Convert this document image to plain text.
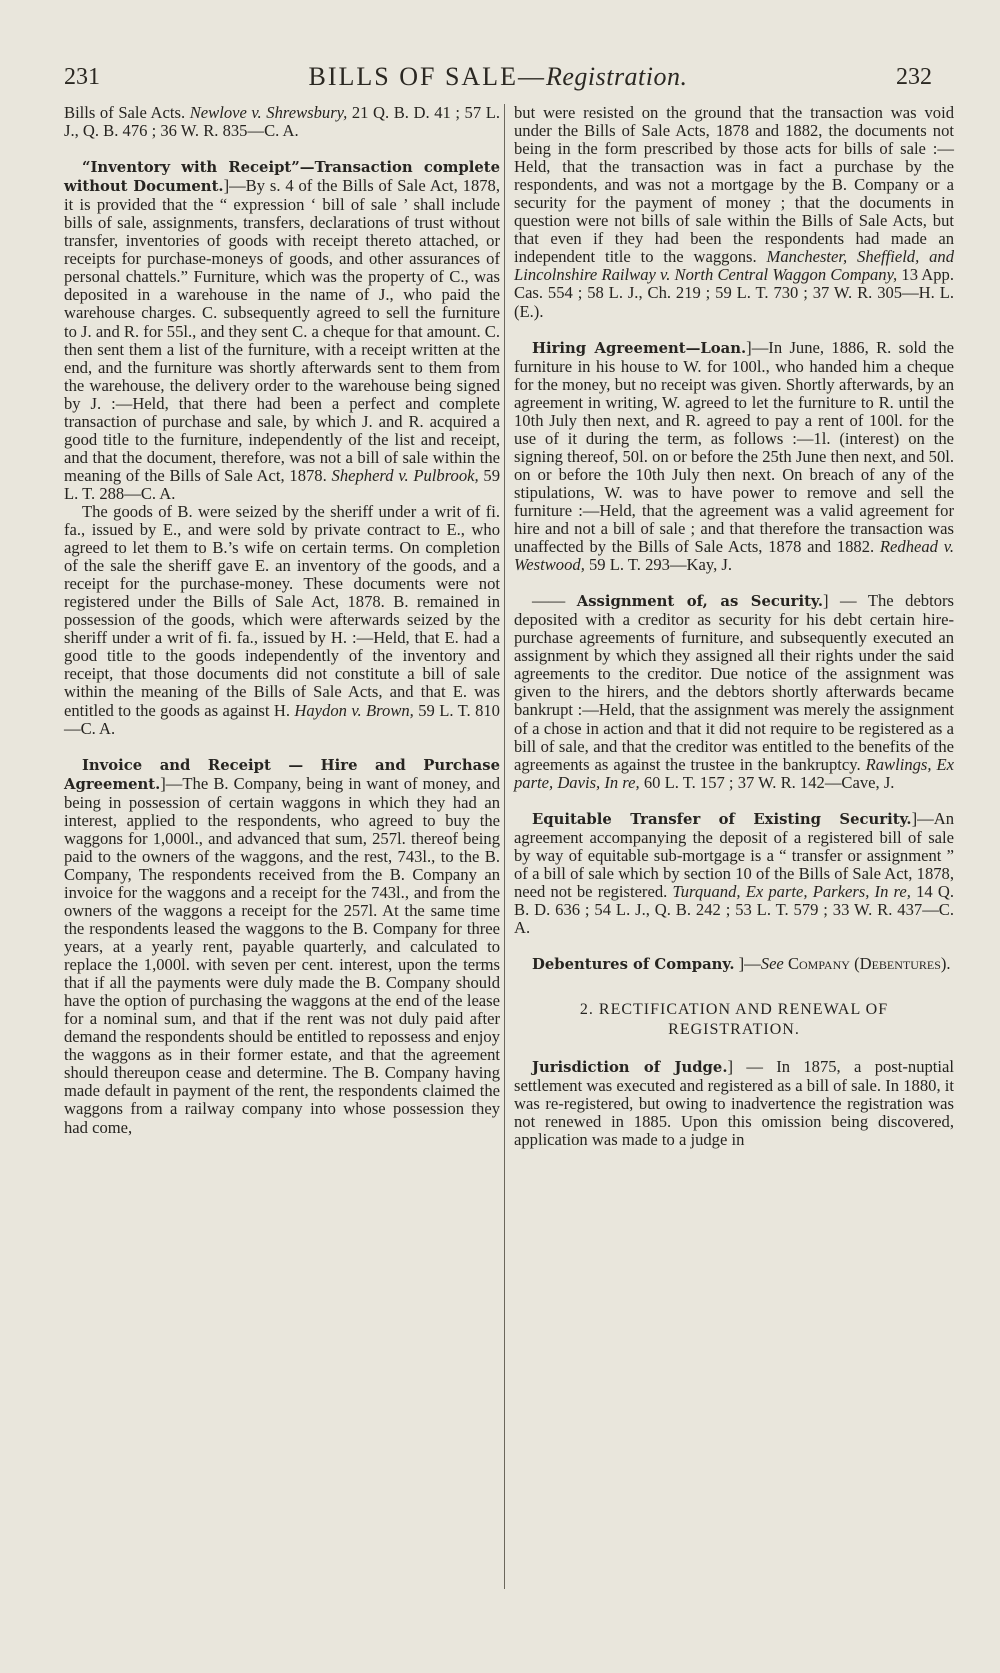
231	BILLS OF SALE—Registration.	232

Bills of Sale Acts. Newlove v. Shrewsbury, 21 Q. B. D. 41 ; 57 L. J., Q. B. 476 ; 36 W. R. 835—C. A.

“Inventory with Receipt”—Transaction complete without Document.]—By s. 4 of the Bills of Sale Act, 1878, it is provided that the “ expression ‘ bill of sale ’ shall include bills of sale, assignments, transfers, declarations of trust without transfer, inventories of goods with receipt thereto attached, or receipts for purchase-moneys of goods, and other assurances of personal chattels.” Furniture, which was the property of C., was deposited in a warehouse in the name of J., who paid the warehouse charges. C. subsequently agreed to sell the furniture to J. and R. for 55l., and they sent C. a cheque for that amount. C. then sent them a list of the furniture, with a receipt written at the end, and the furniture was shortly afterwards sent to them from the warehouse, the delivery order to the warehouse being signed by J. :—Held, that there had been a perfect and complete transaction of purchase and sale, by which J. and R. acquired a good title to the furniture, independently of the list and receipt, and that the document, therefore, was not a bill of sale within the meaning of the Bills of Sale Act, 1878. Shepherd v. Pulbrook, 59 L. T. 288—C. A.

The goods of B. were seized by the sheriff under a writ of fi. fa., issued by E., and were sold by private contract to E., who agreed to let them to B.’s wife on certain terms. On completion of the sale the sheriff gave E. an inventory of the goods, and a receipt for the purchase-money. These documents were not registered under the Bills of Sale Act, 1878. B. remained in possession of the goods, which were afterwards seized by the sheriff under a writ of fi. fa., issued by H. :—Held, that E. had a good title to the goods independently of the inventory and receipt, that those documents did not constitute a bill of sale within the meaning of the Bills of Sale Acts, and that E. was entitled to the goods as against H. Haydon v. Brown, 59 L. T. 810—C. A.

Invoice and Receipt — Hire and Purchase Agreement.]—The B. Company, being in want of money, and being in possession of certain waggons in which they had an interest, applied to the respondents, who agreed to buy the waggons for 1,000l., and advanced that sum, 257l. thereof being paid to the owners of the waggons, and the rest, 743l., to the B. Company, The respondents received from the B. Company an invoice for the waggons and a receipt for the 743l., and from the owners of the waggons a receipt for the 257l. At the same time the respondents leased the waggons to the B. Company for three years, at a yearly rent, payable quarterly, and calculated to replace the 1,000l. with seven per cent. interest, upon the terms that if all the payments were duly made the B. Company should have the option of purchasing the waggons at the end of the lease for a nominal sum, and that if the rent was not duly paid after demand the respondents should be entitled to repossess and enjoy the waggons as in their former estate, and that the agreement should thereupon cease and determine. The B. Company having made default in payment of the rent, the respondents claimed the waggons from a railway company into whose possession they had come,

but were resisted on the ground that the transaction was void under the Bills of Sale Acts, 1878 and 1882, the documents not being in the form prescribed by those acts for bills of sale :—Held, that the transaction was in fact a purchase by the respondents, and was not a mortgage by the B. Company or a security for the payment of money ; that the documents in question were not bills of sale within the Bills of Sale Acts, but that even if they had been the respondents had made an independent title to the waggons. Manchester, Sheffield, and Lincolnshire Railway v. North Central Waggon Company, 13 App. Cas. 554 ; 58 L. J., Ch. 219 ; 59 L. T. 730 ; 37 W. R. 305—H. L. (E.).

Hiring Agreement—Loan.]—In June, 1886, R. sold the furniture in his house to W. for 100l., who handed him a cheque for the money, but no receipt was given. Shortly afterwards, by an agreement in writing, W. agreed to let the furniture to R. until the 10th July then next, and R. agreed to pay a rent of 100l. for the use of it during the term, as follows :—1l. (interest) on the signing thereof, 50l. on or before the 25th June then next, and 50l. on or before the 10th July then next. On breach of any of the stipulations, W. was to have power to remove and sell the furniture :—Held, that the agreement was a valid agreement for hire and not a bill of sale ; and that therefore the transaction was unaffected by the Bills of Sale Acts, 1878 and 1882. Redhead v. Westwood, 59 L. T. 293—Kay, J.

—— Assignment of, as Security.] — The debtors deposited with a creditor as security for his debt certain hire-purchase agreements of furniture, and subsequently executed an assignment by which they assigned all their rights under the said agreements to the creditor. Due notice of the assignment was given to the hirers, and the debtors shortly afterwards became bankrupt :—Held, that the assignment was merely the assignment of a chose in action and that it did not require to be registered as a bill of sale, and that the creditor was entitled to the benefits of the agreements as against the trustee in the bankruptcy. Rawlings, Ex parte, Davis, In re, 60 L. T. 157 ; 37 W. R. 142—Cave, J.

Equitable Transfer of Existing Security.]—An agreement accompanying the deposit of a registered bill of sale by way of equitable sub-mortgage is a “ transfer or assignment ” of a bill of sale which by section 10 of the Bills of Sale Act, 1878, need not be registered. Turquand, Ex parte, Parkers, In re, 14 Q. B. D. 636 ; 54 L. J., Q. B. 242 ; 53 L. T. 579 ; 33 W. R. 437—C. A.

Debentures of Company. ]—See Company (Debentures).

2. RECTIFICATION AND RENEWAL OF REGISTRATION.

Jurisdiction of Judge.] — In 1875, a post-nuptial settlement was executed and registered as a bill of sale. In 1880, it was re-registered, but owing to inadvertence the registration was not renewed in 1885. Upon this omission being discovered, application was made to a judge in
